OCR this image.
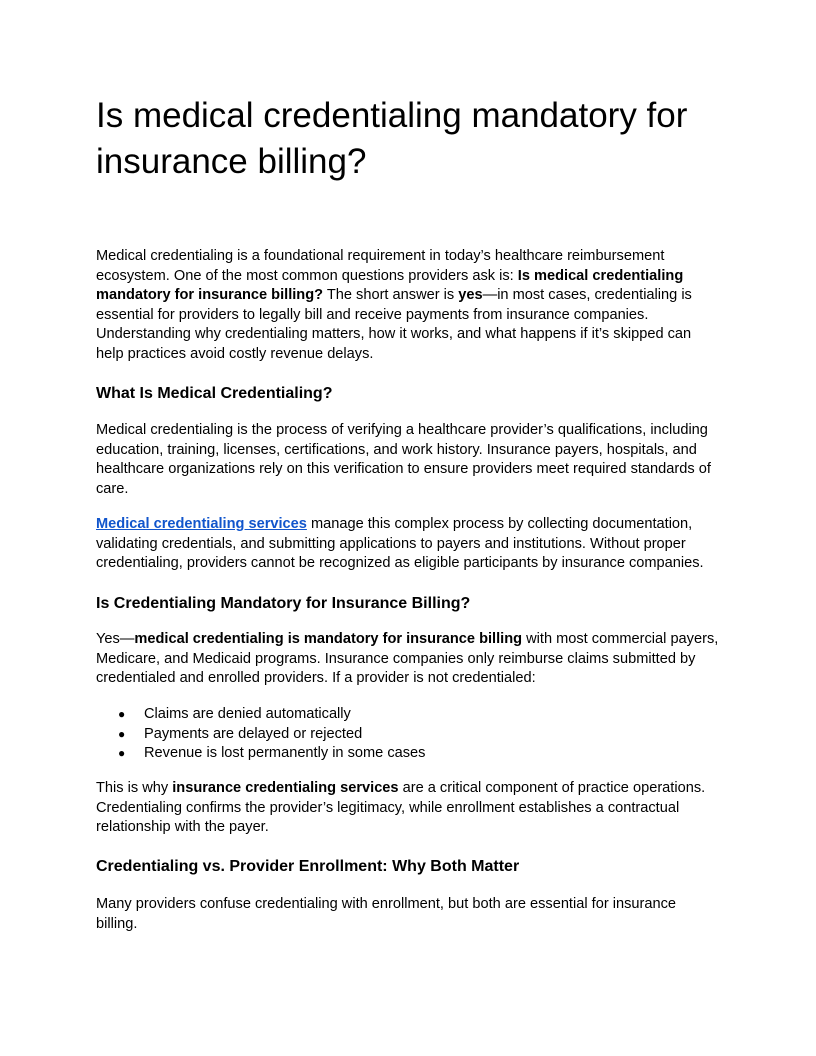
Is medical credentialing mandatory for insurance billing?

Medical credentialing is a foundational requirement in today’s healthcare reimbursement ecosystem. One of the most common questions providers ask is: Is medical credentialing mandatory for insurance billing? The short answer is yes—in most cases, credentialing is essential for providers to legally bill and receive payments from insurance companies. Understanding why credentialing matters, how it works, and what happens if it’s skipped can help practices avoid costly revenue delays.

What Is Medical Credentialing?

Medical credentialing is the process of verifying a healthcare provider’s qualifications, including education, training, licenses, certifications, and work history. Insurance payers, hospitals, and healthcare organizations rely on this verification to ensure providers meet required standards of care.

Medical credentialing services manage this complex process by collecting documentation, validating credentials, and submitting applications to payers and institutions. Without proper credentialing, providers cannot be recognized as eligible participants by insurance companies.

Is Credentialing Mandatory for Insurance Billing?

Yes—medical credentialing is mandatory for insurance billing with most commercial payers, Medicare, and Medicaid programs. Insurance companies only reimburse claims submitted by credentialed and enrolled providers. If a provider is not credentialed:

● Claims are denied automatically
● Payments are delayed or rejected
● Revenue is lost permanently in some cases

This is why insurance credentialing services are a critical component of practice operations. Credentialing confirms the provider’s legitimacy, while enrollment establishes a contractual relationship with the payer.

Credentialing vs. Provider Enrollment: Why Both Matter

Many providers confuse credentialing with enrollment, but both are essential for insurance billing.
